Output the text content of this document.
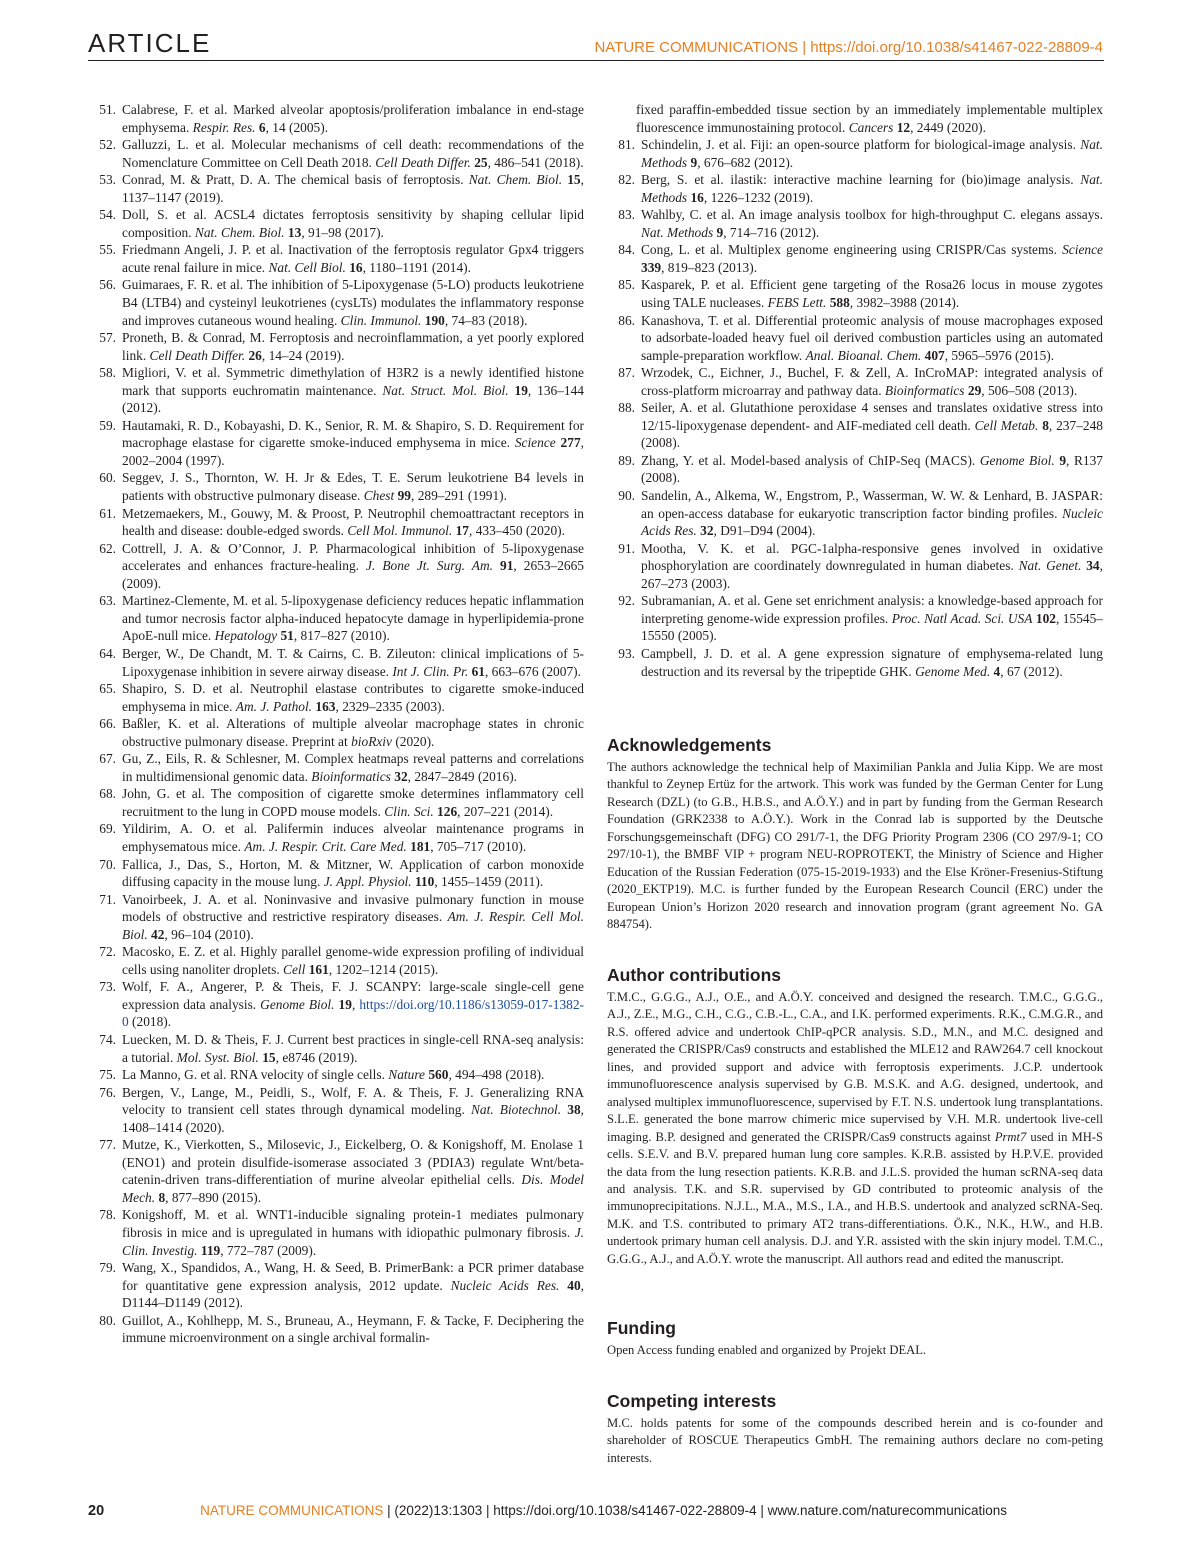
ARTICLE	NATURE COMMUNICATIONS | https://doi.org/10.1038/s41467-022-28809-4
51. Calabrese, F. et al. Marked alveolar apoptosis/proliferation imbalance in end-stage emphysema. Respir. Res. 6, 14 (2005).
52. Galluzzi, L. et al. Molecular mechanisms of cell death: recommendations of the Nomenclature Committee on Cell Death 2018. Cell Death Differ. 25, 486–541 (2018).
53. Conrad, M. & Pratt, D. A. The chemical basis of ferroptosis. Nat. Chem. Biol. 15, 1137–1147 (2019).
54. Doll, S. et al. ACSL4 dictates ferroptosis sensitivity by shaping cellular lipid composition. Nat. Chem. Biol. 13, 91–98 (2017).
55. Friedmann Angeli, J. P. et al. Inactivation of the ferroptosis regulator Gpx4 triggers acute renal failure in mice. Nat. Cell Biol. 16, 1180–1191 (2014).
56. Guimaraes, F. R. et al. The inhibition of 5-Lipoxygenase (5-LO) products leukotriene B4 (LTB4) and cysteinyl leukotrienes (cysLTs) modulates the inflammatory response and improves cutaneous wound healing. Clin. Immunol. 190, 74–83 (2018).
57. Proneth, B. & Conrad, M. Ferroptosis and necroinflammation, a yet poorly explored link. Cell Death Differ. 26, 14–24 (2019).
58. Migliori, V. et al. Symmetric dimethylation of H3R2 is a newly identified histone mark that supports euchromatin maintenance. Nat. Struct. Mol. Biol. 19, 136–144 (2012).
59. Hautamaki, R. D., Kobayashi, D. K., Senior, R. M. & Shapiro, S. D. Requirement for macrophage elastase for cigarette smoke-induced emphysema in mice. Science 277, 2002–2004 (1997).
60. Seggev, J. S., Thornton, W. H. Jr & Edes, T. E. Serum leukotriene B4 levels in patients with obstructive pulmonary disease. Chest 99, 289–291 (1991).
61. Metzemaekers, M., Gouwy, M. & Proost, P. Neutrophil chemoattractant receptors in health and disease: double-edged swords. Cell Mol. Immunol. 17, 433–450 (2020).
62. Cottrell, J. A. & O’Connor, J. P. Pharmacological inhibition of 5-lipoxygenase accelerates and enhances fracture-healing. J. Bone Jt. Surg. Am. 91, 2653–2665 (2009).
63. Martinez-Clemente, M. et al. 5-lipoxygenase deficiency reduces hepatic inflammation and tumor necrosis factor alpha-induced hepatocyte damage in hyperlipidemia-prone ApoE-null mice. Hepatology 51, 817–827 (2010).
64. Berger, W., De Chandt, M. T. & Cairns, C. B. Zileuton: clinical implications of 5-Lipoxygenase inhibition in severe airway disease. Int J. Clin. Pr. 61, 663–676 (2007).
65. Shapiro, S. D. et al. Neutrophil elastase contributes to cigarette smoke-induced emphysema in mice. Am. J. Pathol. 163, 2329–2335 (2003).
66. Baßler, K. et al. Alterations of multiple alveolar macrophage states in chronic obstructive pulmonary disease. Preprint at bioRxiv (2020).
67. Gu, Z., Eils, R. & Schlesner, M. Complex heatmaps reveal patterns and correlations in multidimensional genomic data. Bioinformatics 32, 2847–2849 (2016).
68. John, G. et al. The composition of cigarette smoke determines inflammatory cell recruitment to the lung in COPD mouse models. Clin. Sci. 126, 207–221 (2014).
69. Yildirim, A. O. et al. Palifermin induces alveolar maintenance programs in emphysematous mice. Am. J. Respir. Crit. Care Med. 181, 705–717 (2010).
70. Fallica, J., Das, S., Horton, M. & Mitzner, W. Application of carbon monoxide diffusing capacity in the mouse lung. J. Appl. Physiol. 110, 1455–1459 (2011).
71. Vanoirbeek, J. A. et al. Noninvasive and invasive pulmonary function in mouse models of obstructive and restrictive respiratory diseases. Am. J. Respir. Cell Mol. Biol. 42, 96–104 (2010).
72. Macosko, E. Z. et al. Highly parallel genome-wide expression profiling of individual cells using nanoliter droplets. Cell 161, 1202–1214 (2015).
73. Wolf, F. A., Angerer, P. & Theis, F. J. SCANPY: large-scale single-cell gene expression data analysis. Genome Biol. 19, https://doi.org/10.1186/s13059-017-1382-0 (2018).
74. Luecken, M. D. & Theis, F. J. Current best practices in single-cell RNA-seq analysis: a tutorial. Mol. Syst. Biol. 15, e8746 (2019).
75. La Manno, G. et al. RNA velocity of single cells. Nature 560, 494–498 (2018).
76. Bergen, V., Lange, M., Peidli, S., Wolf, F. A. & Theis, F. J. Generalizing RNA velocity to transient cell states through dynamical modeling. Nat. Biotechnol. 38, 1408–1414 (2020).
77. Mutze, K., Vierkotten, S., Milosevic, J., Eickelberg, O. & Konigshoff, M. Enolase 1 (ENO1) and protein disulfide-isomerase associated 3 (PDIA3) regulate Wnt/beta-catenin-driven trans-differentiation of murine alveolar epithelial cells. Dis. Model Mech. 8, 877–890 (2015).
78. Konigshoff, M. et al. WNT1-inducible signaling protein-1 mediates pulmonary fibrosis in mice and is upregulated in humans with idiopathic pulmonary fibrosis. J. Clin. Investig. 119, 772–787 (2009).
79. Wang, X., Spandidos, A., Wang, H. & Seed, B. PrimerBank: a PCR primer database for quantitative gene expression analysis, 2012 update. Nucleic Acids Res. 40, D1144–D1149 (2012).
80. Guillot, A., Kohlhepp, M. S., Bruneau, A., Heymann, F. & Tacke, F. Deciphering the immune microenvironment on a single archival formalin-
fixed paraffin-embedded tissue section by an immediately implementable multiplex fluorescence immunostaining protocol. Cancers 12, 2449 (2020).
81. Schindelin, J. et al. Fiji: an open-source platform for biological-image analysis. Nat. Methods 9, 676–682 (2012).
82. Berg, S. et al. ilastik: interactive machine learning for (bio)image analysis. Nat. Methods 16, 1226–1232 (2019).
83. Wahlby, C. et al. An image analysis toolbox for high-throughput C. elegans assays. Nat. Methods 9, 714–716 (2012).
84. Cong, L. et al. Multiplex genome engineering using CRISPR/Cas systems. Science 339, 819–823 (2013).
85. Kasparek, P. et al. Efficient gene targeting of the Rosa26 locus in mouse zygotes using TALE nucleases. FEBS Lett. 588, 3982–3988 (2014).
86. Kanashova, T. et al. Differential proteomic analysis of mouse macrophages exposed to adsorbate-loaded heavy fuel oil derived combustion particles using an automated sample-preparation workflow. Anal. Bioanal. Chem. 407, 5965–5976 (2015).
87. Wrzodek, C., Eichner, J., Buchel, F. & Zell, A. InCroMAP: integrated analysis of cross-platform microarray and pathway data. Bioinformatics 29, 506–508 (2013).
88. Seiler, A. et al. Glutathione peroxidase 4 senses and translates oxidative stress into 12/15-lipoxygenase dependent- and AIF-mediated cell death. Cell Metab. 8, 237–248 (2008).
89. Zhang, Y. et al. Model-based analysis of ChIP-Seq (MACS). Genome Biol. 9, R137 (2008).
90. Sandelin, A., Alkema, W., Engstrom, P., Wasserman, W. W. & Lenhard, B. JASPAR: an open-access database for eukaryotic transcription factor binding profiles. Nucleic Acids Res. 32, D91–D94 (2004).
91. Mootha, V. K. et al. PGC-1alpha-responsive genes involved in oxidative phosphorylation are coordinately downregulated in human diabetes. Nat. Genet. 34, 267–273 (2003).
92. Subramanian, A. et al. Gene set enrichment analysis: a knowledge-based approach for interpreting genome-wide expression profiles. Proc. Natl Acad. Sci. USA 102, 15545–15550 (2005).
93. Campbell, J. D. et al. A gene expression signature of emphysema-related lung destruction and its reversal by the tripeptide GHK. Genome Med. 4, 67 (2012).
Acknowledgements

The authors acknowledge the technical help of Maximilian Pankla and Julia Kipp. We are most thankful to Zeynep Ertüz for the artwork. This work was funded by the German Center for Lung Research (DZL) (to G.B., H.B.S., and A.Ö.Y.) and in part by funding from the German Research Foundation (GRK2338 to A.Ö.Y.). Work in the Conrad lab is supported by the Deutsche Forschungsgemeinschaft (DFG) CO 291/7-1, the DFG Priority Program 2306 (CO 297/9-1; CO 297/10-1), the BMBF VIP + program NEU-ROPROTEKT, the Ministry of Science and Higher Education of the Russian Federation (075-15-2019-1933) and the Else Kröner-Fresenius-Stiftung (2020_EKTP19). M.C. is further funded by the European Research Council (ERC) under the European Union’s Horizon 2020 research and innovation program (grant agreement No. GA 884754).

Author contributions

T.M.C., G.G.G., A.J., O.E., and A.Ö.Y. conceived and designed the research. T.M.C., G.G.G., A.J., Z.E., M.G., C.H., C.G., C.B.-L., C.A., and I.K. performed experiments. R.K., C.M.G.R., and R.S. offered advice and undertook ChIP-qPCR analysis. S.D., M.N., and M.C. designed and generated the CRISPR/Cas9 constructs and established the MLE12 and RAW264.7 cell knockout lines, and provided support and advice with ferroptosis experiments. J.C.P. undertook immunofluorescence analysis supervised by G.B. M.S.K. and A.G. designed, undertook, and analysed multiplex immunofluorescence, supervised by F.T. N.S. undertook lung transplantations. S.L.E. generated the bone marrow chimeric mice supervised by V.H. M.R. undertook live-cell imaging. B.P. designed and generated the CRISPR/Cas9 constructs against Prmt7 used in MH-S cells. S.E.V. and B.V. prepared human lung core samples. K.R.B. assisted by H.P.V.E. provided the data from the lung resection patients. K.R.B. and J.L.S. provided the human scRNA-seq data and analysis. T.K. and S.R. supervised by GD contributed to proteomic analysis of the immunoprecipitations. N.J.L., M.A., M.S., I.A., and H.B.S. undertook and analyzed scRNA-Seq. M.K. and T.S. contributed to primary AT2 trans-differentiations. Ö.K., N.K., H.W., and H.B. undertook primary human cell analysis. D.J. and Y.R. assisted with the skin injury model. T.M.C., G.G.G., A.J., and A.Ö.Y. wrote the manuscript. All authors read and edited the manuscript.

Funding

Open Access funding enabled and organized by Projekt DEAL.

Competing interests

M.C. holds patents for some of the compounds described herein and is co-founder and shareholder of ROSCUE Therapeutics GmbH. The remaining authors declare no com-peting interests.

20	NATURE COMMUNICATIONS | (2022)13:1303 | https://doi.org/10.1038/s41467-022-28809-4 | www.nature.com/naturecommunications
